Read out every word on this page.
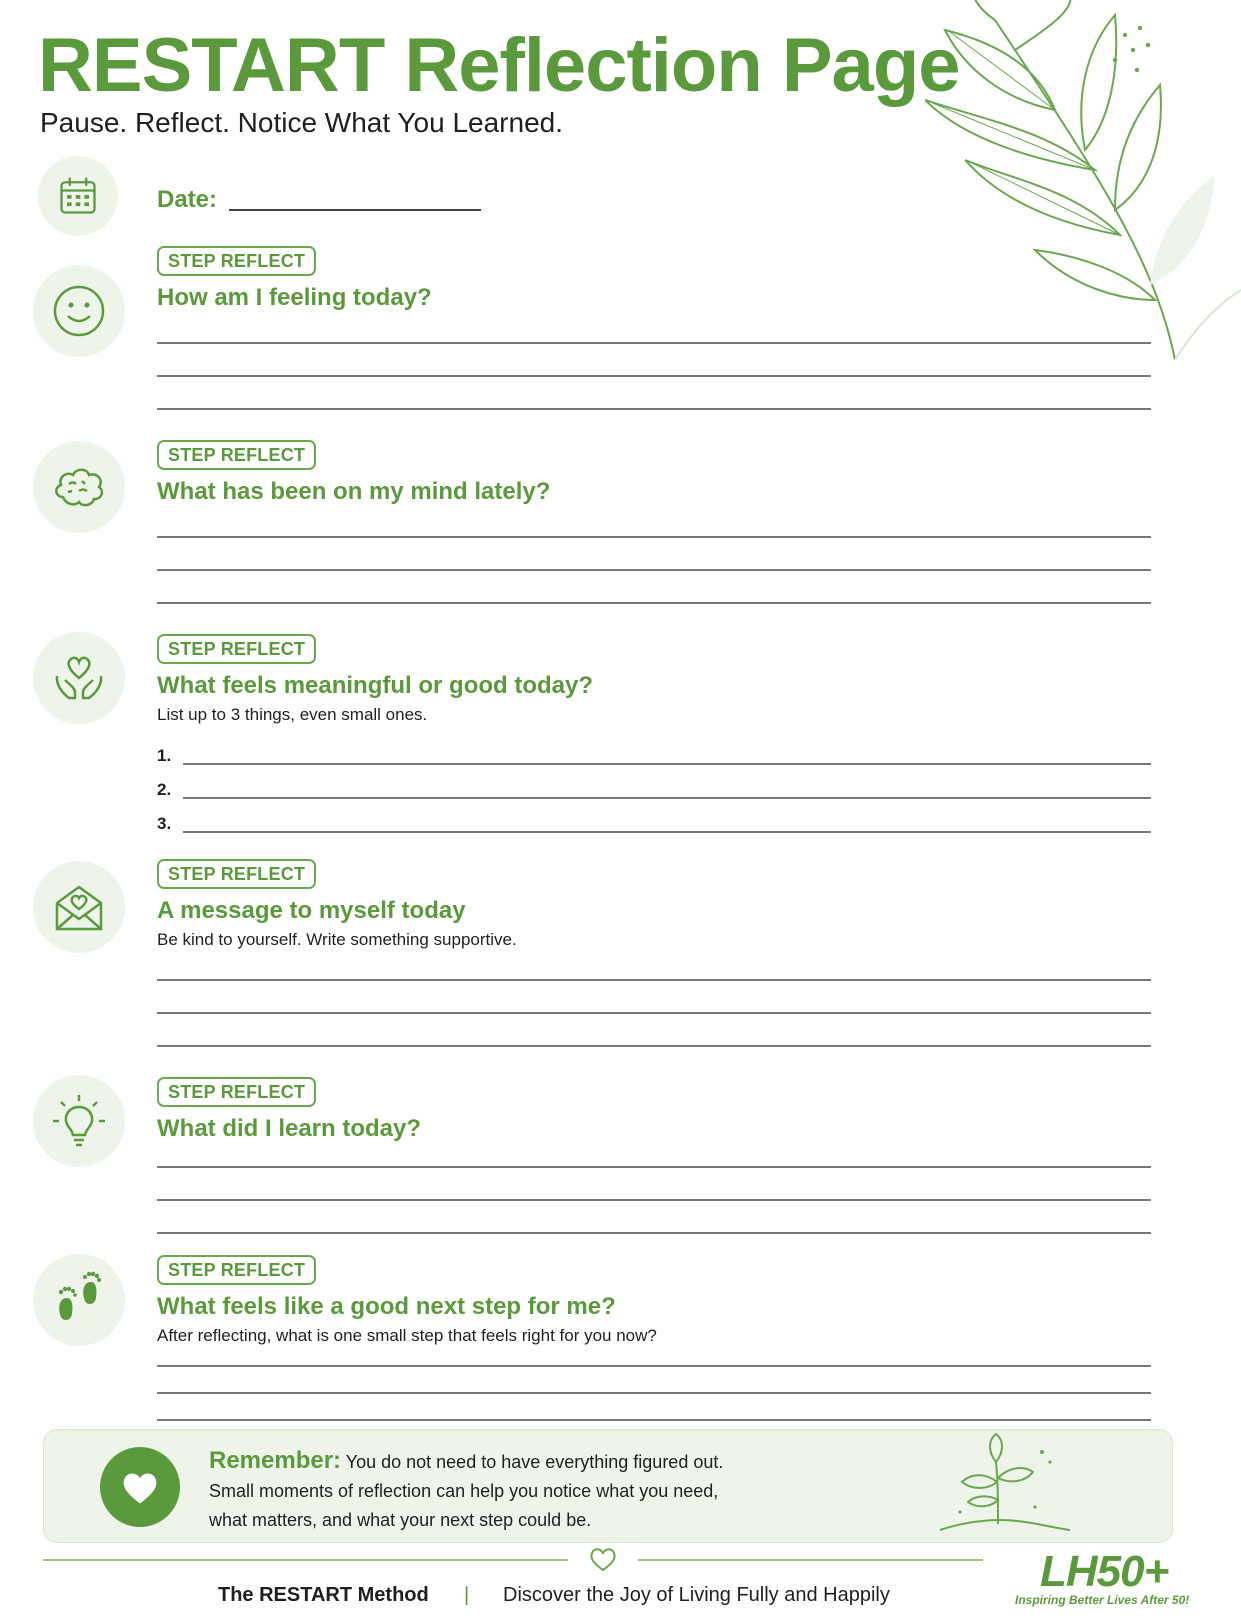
RESTART Reflection Page
Pause. Reflect. Notice What You Learned.
Date:
STEP REFLECT
How am I feeling today?
STEP REFLECT
What has been on my mind lately?
STEP REFLECT
What feels meaningful or good today?
List up to 3 things, even small ones.
1.
2.
3.
STEP REFLECT
A message to myself today
Be kind to yourself. Write something supportive.
STEP REFLECT
What did I learn today?
STEP REFLECT
What feels like a good next step for me?
After reflecting, what is one small step that feels right for you now?
Remember: You do not need to have everything figured out.
Small moments of reflection can help you notice what you need,
what matters, and what your next step could be.
The RESTART Method | Discover the Joy of Living Fully and Happily	LH50+
Inspiring Better Lives After 50!
